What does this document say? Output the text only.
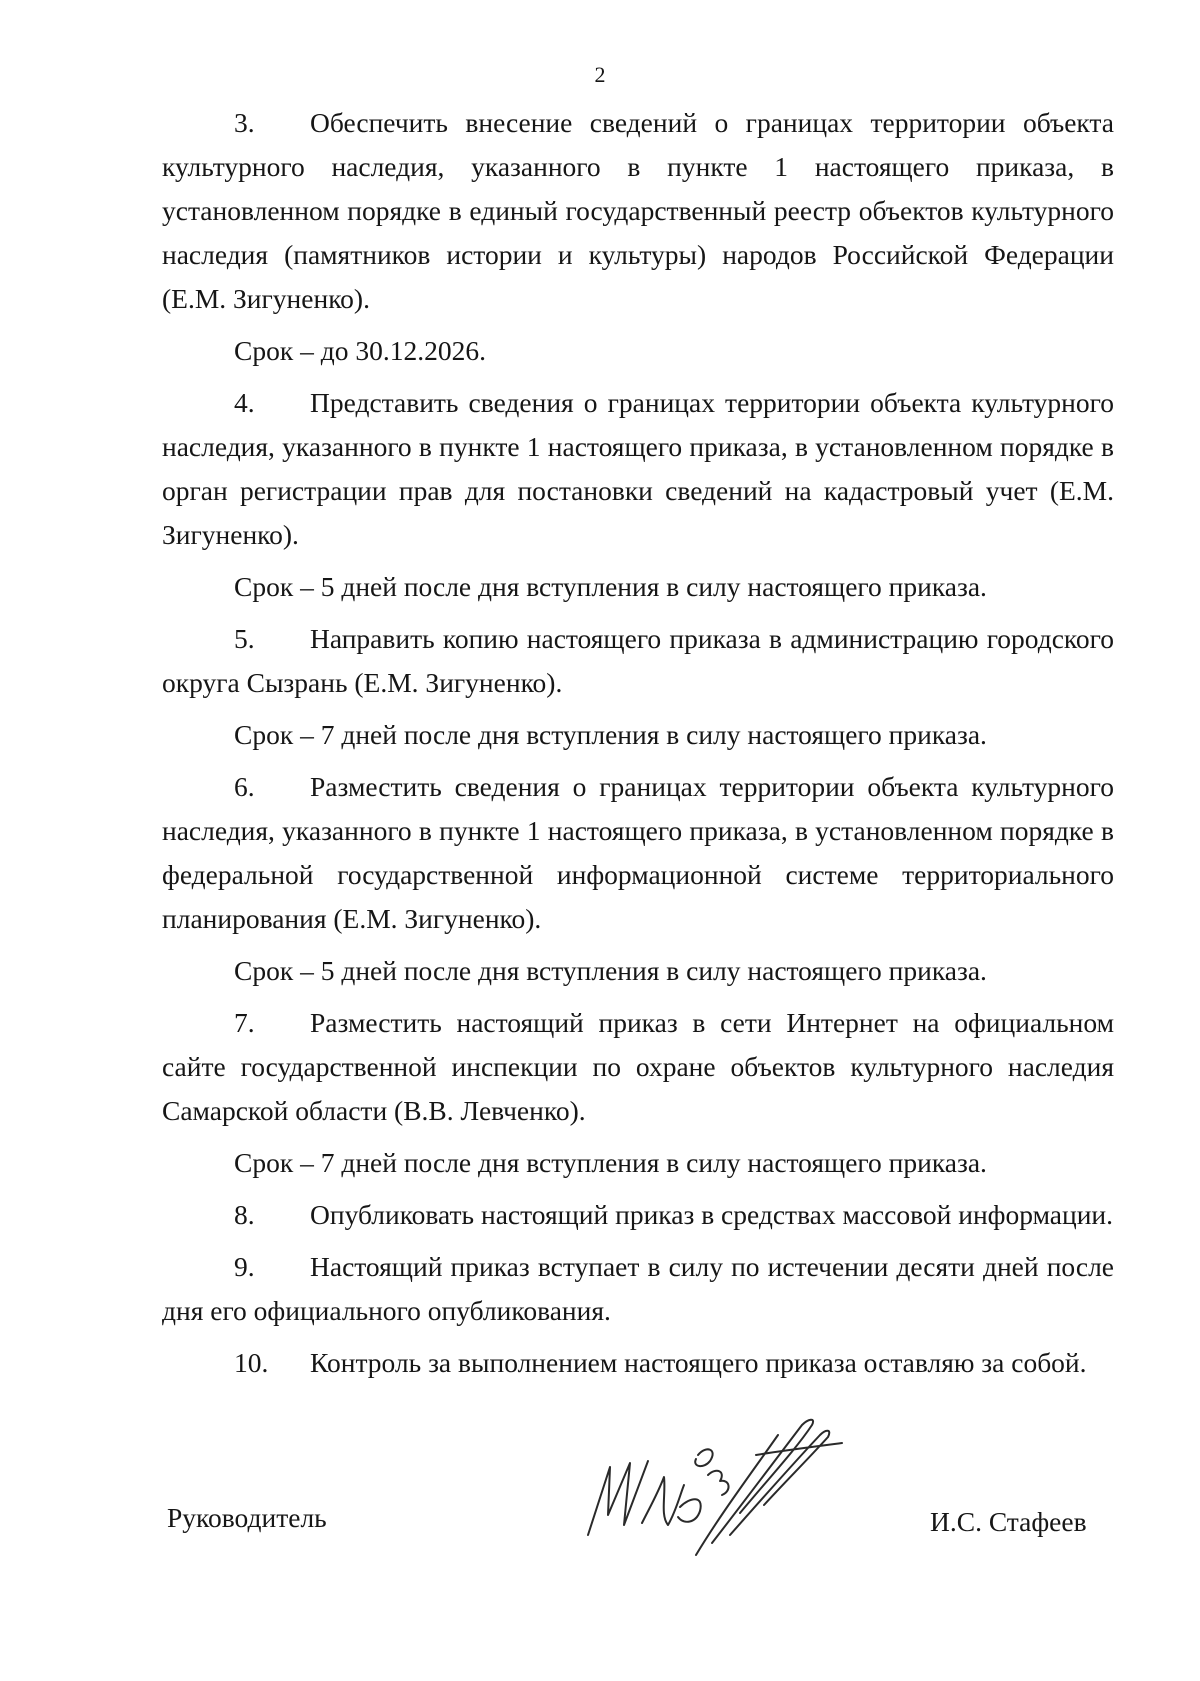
2

3. Обеспечить внесение сведений о границах территории объекта культурного наследия, указанного в пункте 1 настоящего приказа, в установленном порядке в единый государственный реестр объектов культурного наследия (памятников истории и культуры) народов Российской Федерации (Е.М. Зигуненко).

Срок – до 30.12.2026.

4. Представить сведения о границах территории объекта культурного наследия, указанного в пункте 1 настоящего приказа, в установленном порядке в орган регистрации прав для постановки сведений на кадастровый учет (Е.М. Зигуненко).

Срок – 5 дней после дня вступления в силу настоящего приказа.

5. Направить копию настоящего приказа в администрацию городского округа Сызрань (Е.М. Зигуненко).

Срок – 7 дней после дня вступления в силу настоящего приказа.

6. Разместить сведения о границах территории объекта культурного наследия, указанного в пункте 1 настоящего приказа, в установленном порядке в федеральной государственной информационной системе территориального планирования (Е.М. Зигуненко).

Срок – 5 дней после дня вступления в силу настоящего приказа.

7. Разместить настоящий приказ в сети Интернет на официальном сайте государственной инспекции по охране объектов культурного наследия Самарской области (В.В. Левченко).

Срок – 7 дней после дня вступления в силу настоящего приказа.

8. Опубликовать настоящий приказ в средствах массовой информации.

9. Настоящий приказ вступает в силу по истечении десяти дней после дня его официального опубликования.

10. Контроль за выполнением настоящего приказа оставляю за собой.

Руководитель	И.С. Стафеев
